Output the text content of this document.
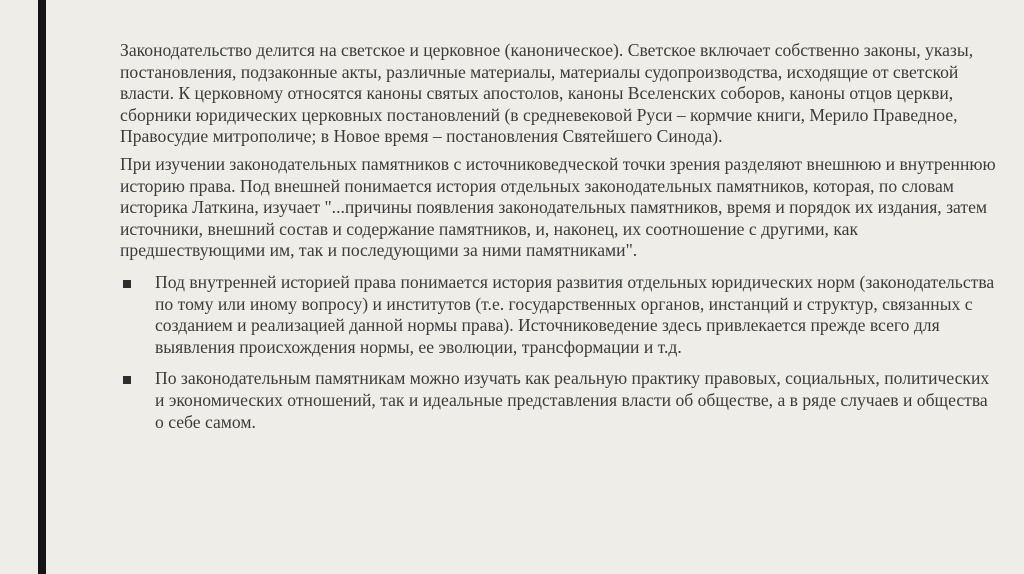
Законодательство делится на светское и церковное (каноническое). Светское включает собственно законы, указы, постановления, подзаконные акты, различные материалы, материалы судопроизводства, исходящие от светской власти. К церковному относятся каноны святых апостолов, каноны Вселенских соборов, каноны отцов церкви, сборники юридических церковных постановлений (в средневековой Руси – кормчие книги, Мерило Праведное, Правосудие митрополиче; в Новое время – постановления Святейшего Синода).

При изучении законодательных памятников с источниковедческой точки зрения разделяют внешнюю и внутреннюю историю права. Под внешней понимается история отдельных законодательных памятников, которая, по словам историка Латкина, изучает "...причины появления законодательных памятников, время и порядок их издания, затем источники, внешний состав и содержание памятников, и, наконец, их соотношение с другими, как предшествующими им, так и последующими за ними памятниками".

Под внутренней историей права понимается история развития отдельных юридических норм (законодательства по тому или иному вопросу) и институтов (т.е. государственных органов, инстанций и структур, связанных с созданием и реализацией данной нормы права). Источниковедение здесь привлекается прежде всего для выявления происхождения нормы, ее эволюции, трансформации и т.д.
По законодательным памятникам можно изучать как реальную практику правовых, социальных, политических и экономических отношений, так и идеальные представления власти об обществе, а в ряде случаев и общества о себе самом.
